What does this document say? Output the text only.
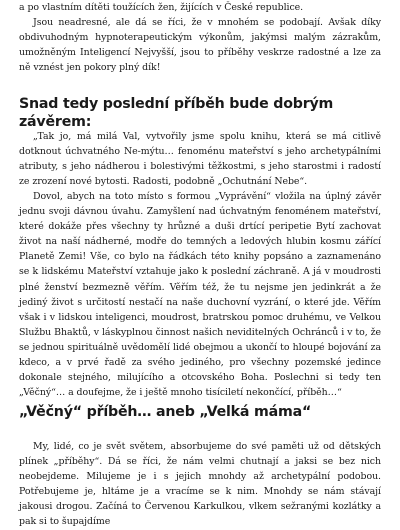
a po vlastním dítěti toužících žen, žijících v České republice.

Jsou neadresné, ale dá se říci, že v mnohém se podobají. Avšak díky obdivuhodným hypnoterapeutickým výkonům, jakýmsi malým zázrakům, umožněným Inteligencí Nejvyšší, jsou to příběhy veskrze radostné a lze za ně vznést jen pokory plný dík!

Snad tedy poslední příběh bude dobrým závěrem:

„Tak jo, má milá Val, vytvořily jsme spolu knihu, která se má citlivě dotknout úchvatného Ne-mýtu… fenoménu mateřství s jeho archetypálními atributy, s jeho nádherou i bolestivými těžkostmi, s jeho starostmi i radostí ze zrození nové bytosti. Radosti, podobně „Ochutnání Nebe“.

Dovol, abych na toto místo s formou „Vyprávění“ vložila na úplný závěr jednu svoji dávnou úvahu. Zamyšlení nad úchvatným fenoménem mateřství, které dokáže přes všechny ty hrůzné a duši drtící peripetie Bytí zachovat život na naší nádherné, modře do temných a ledových hlubin kosmu zářící Planetě Zemi! Vše, co bylo na řádkách této knihy popsáno a zaznamenáno se k lidskému Mateřství vztahuje jako k poslední záchraně. A já v moudrosti plné ženství bezmezně věřím. Věřím též, že tu nejsme jen jedinkrát a že jediný život s určitostí nestačí na naše duchovní vyzrání, o které jde. Věřím však i v lidskou inteligenci, moudrost, bratrskou pomoc druhému, ve Velkou Službu Bhaktů, v láskyplnou činnost našich neviditelných Ochránců i v to, že se jednou spirituálně uvědomělí lidé obejmou a ukončí to hloupé bojování za kdeco, a v prvé řadě za svého jediného, pro všechny pozemské jedince dokonale stejného, milujícího a otcovského Boha. Poslechni si tedy ten „Věčný“… a doufejme, že i ještě mnoho tisíciletí nekončící, příběh…“

„Věčný“ příběh… aneb „Velká máma“

My, lidé, co je svět světem, absorbujeme do své paměti už od dětských plínek „příběhy“. Dá se říci, že nám velmi chutnají a jaksi se bez nich neobejdeme. Milujeme je i s jejich mnohdy až archetypální podobou. Potřebujeme je, hltáme je a vracíme se k nim. Mnohdy se nám stávají jakousi drogou. Začíná to Červenou Karkulkou, vlkem sežranými kozlátky a pak si to šupajdíme
